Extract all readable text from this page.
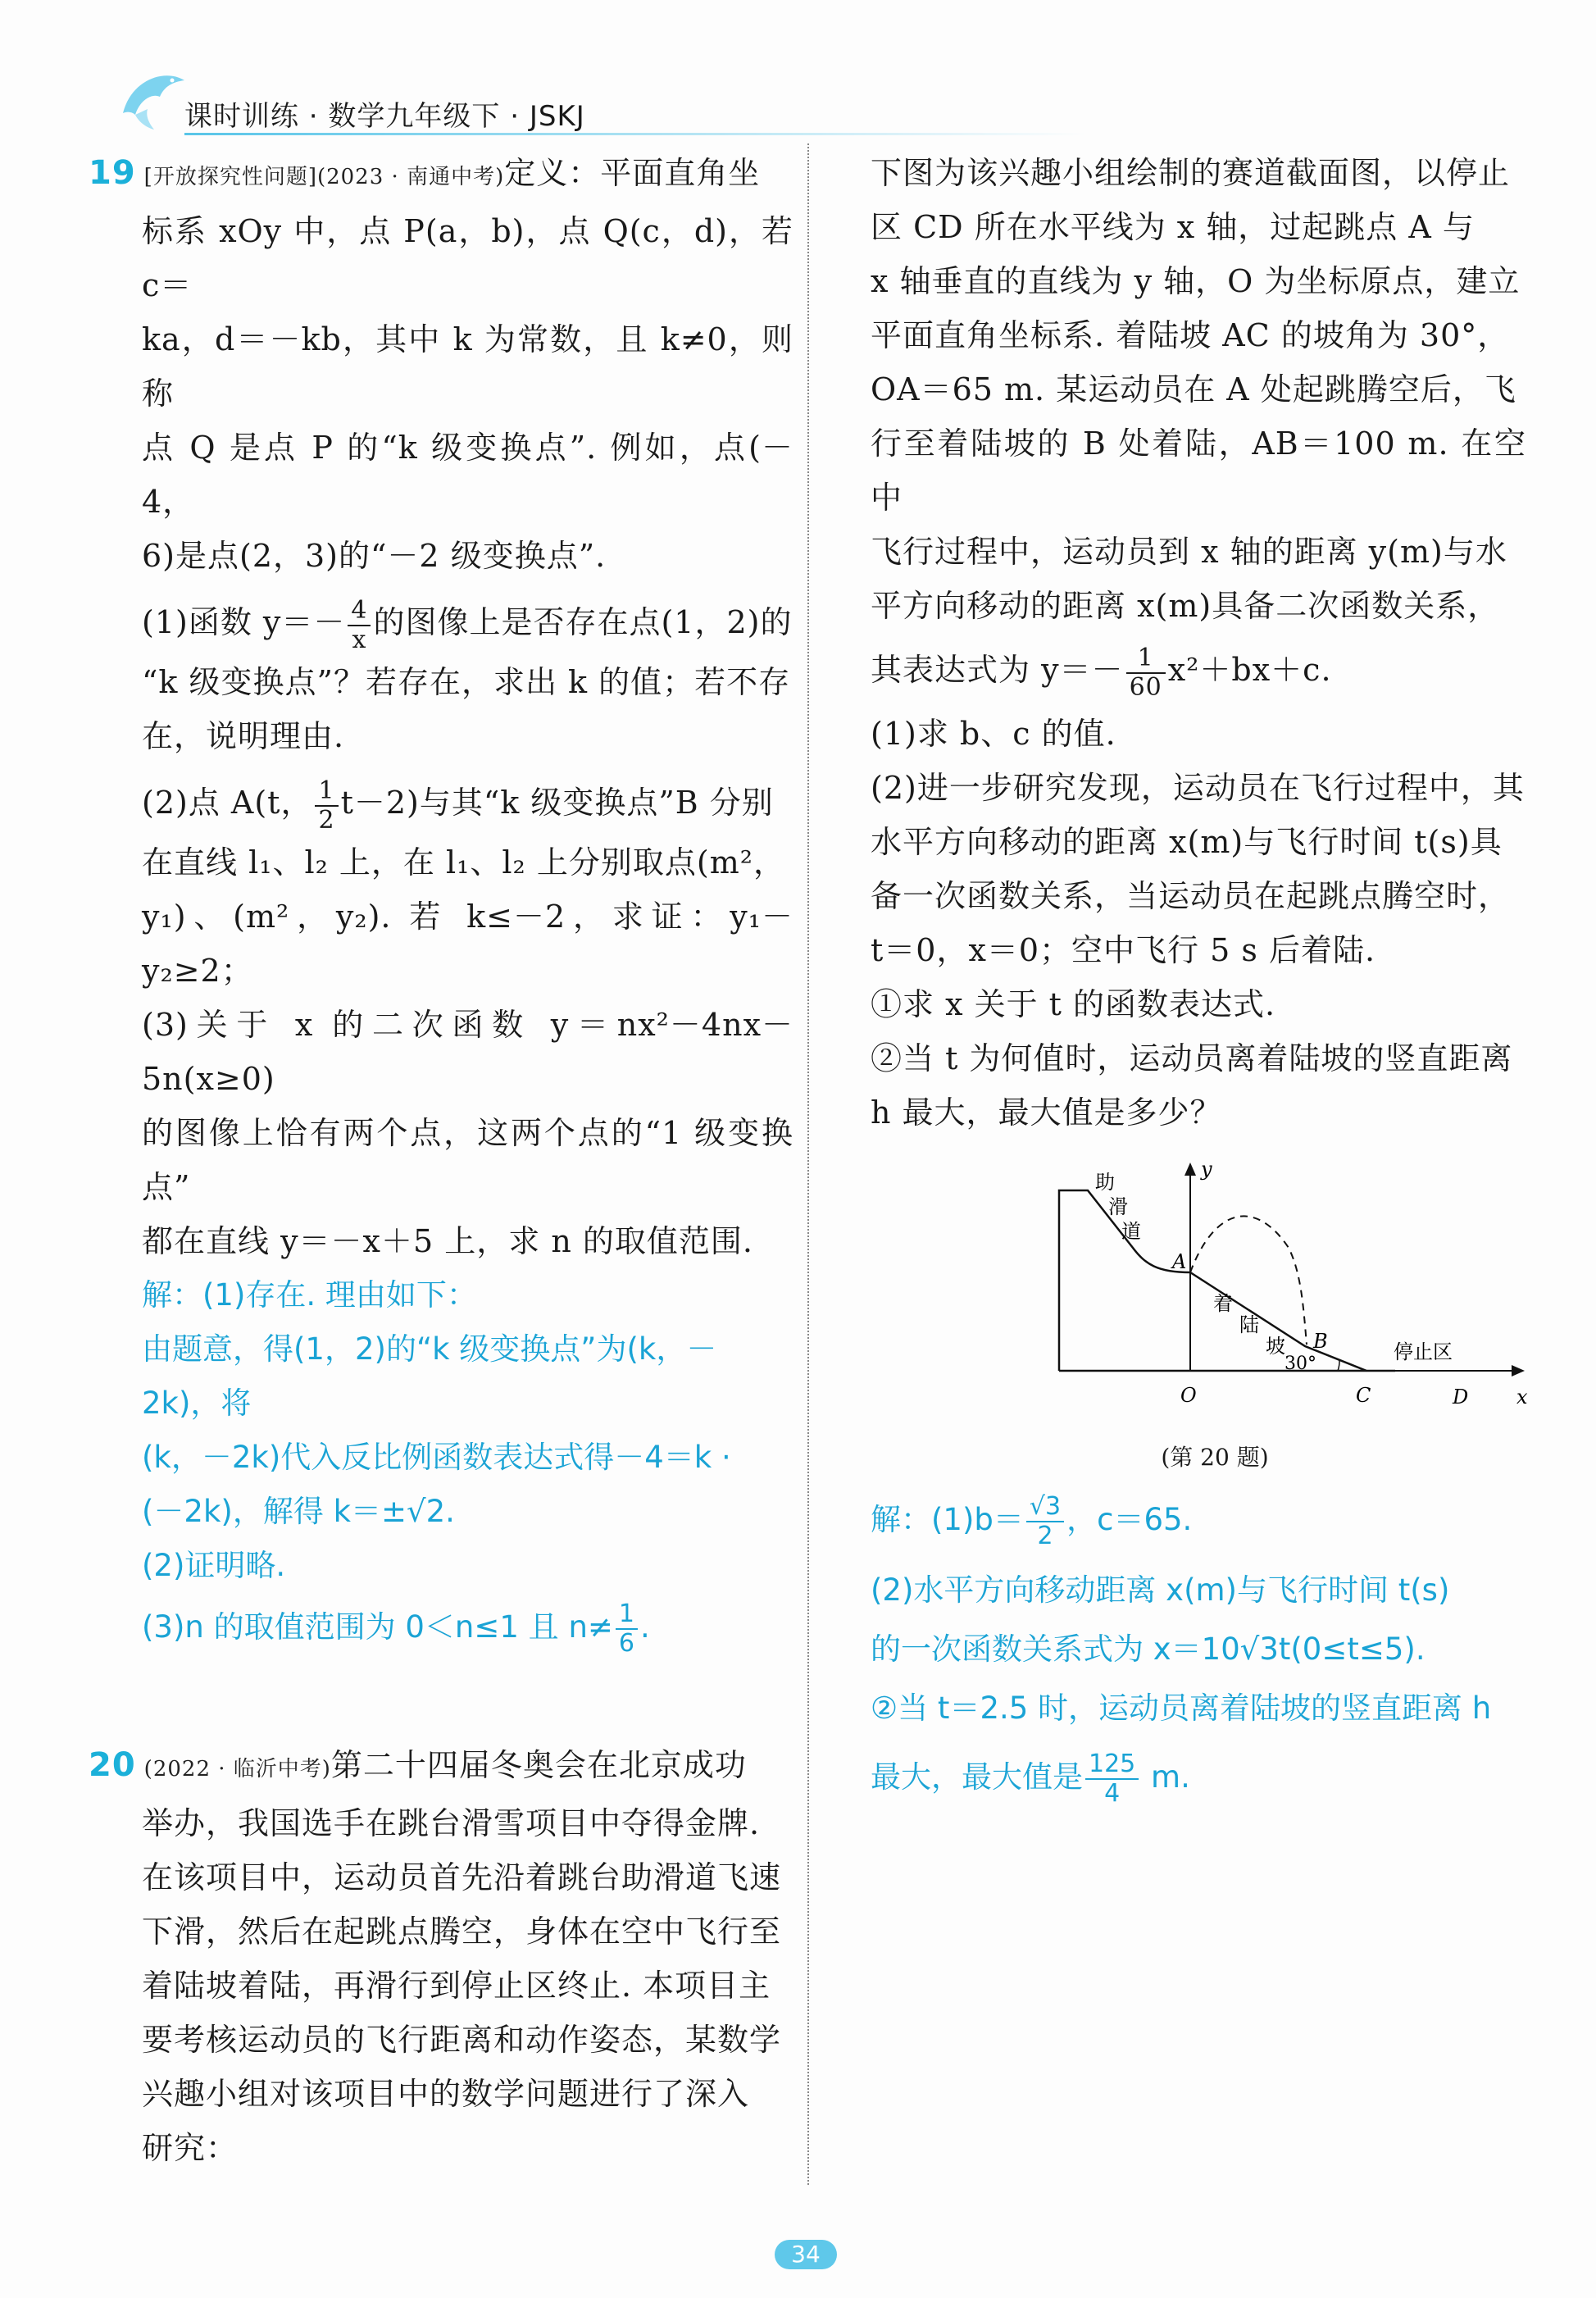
课时训练 · 数学九年级下 · JSKJ
19 [开放探究性问题](2023 · 南通中考)定义：平面直角坐
标系 xOy 中，点 P(a，b)，点 Q(c，d)，若 c＝
ka，d＝－kb，其中 k 为常数，且 k≠0，则称
点 Q 是点 P 的“k 级变换点”. 例如，点(－4，
6)是点(2，3)的“－2 级变换点”.
(1)函数 $y=- \frac{4}{x}$ 的图像上是否存在点(1，2)的
“k 级变换点”？若存在，求出 k 的值；若不存
在，说明理由.
(2)点 A(t， $\frac{1}{2} t-2$)与其“k 级变换点”B 分别
在直线 l₁、l₂ 上，在 l₁、l₂ 上分别取点(m²，
y₁)、(m²，y₂). 若 k≤－2，求证：y₁－y₂≥2；
(3)关于 x 的二次函数 y＝nx²－4nx－5n(x≥0)
的图像上恰有两个点，这两个点的“1 级变换点”
都在直线 y＝－x＋5 上，求 n 的取值范围.
解：(1)存在. 理由如下：
由题意，得(1，2)的“k 级变换点”为(k，－2k)，将
(k，－2k)代入反比例函数表达式得－4＝k ·
(－2k)，解得 k＝±√2.
(2)证明略.
(3)n 的取值范围为 0＜n≤1 且 $n\ne \frac{1}{6}$ .
20 (2022 · 临沂中考)第二十四届冬奥会在北京成功
举办，我国选手在跳台滑雪项目中夺得金牌.
在该项目中，运动员首先沿着跳台助滑道飞速
下滑，然后在起跳点腾空，身体在空中飞行至
着陆坡着陆，再滑行到停止区终止. 本项目主
要考核运动员的飞行距离和动作姿态，某数学
兴趣小组对该项目中的数学问题进行了深入
研究：
下图为该兴趣小组绘制的赛道截面图，以停止
区 CD 所在水平线为 x 轴，过起跳点 A 与
x 轴垂直的直线为 y 轴，O 为坐标原点，建立
平面直角坐标系. 着陆坡 AC 的坡角为 30°，
OA＝65 m. 某运动员在 A 处起跳腾空后，飞
行至着陆坡的 B 处着陆，AB＝100 m. 在空中
飞行过程中，运动员到 x 轴的距离 y(m)与水
平方向移动的距离 x(m)具备二次函数关系，
其表达式为 $y=- \frac{1}{60} x^2+bx+c$.
(1)求 b、c 的值.
(2)进一步研究发现，运动员在飞行过程中，其
水平方向移动的距离 x(m)与飞行时间 t(s)具
备一次函数关系，当运动员在起跳点腾空时，
t＝0，x＝0；空中飞行 5 s 后着陆.
①求 x 关于 t 的函数表达式.
②当 t 为何值时，运动员离着陆坡的竖直距离
h 最大，最大值是多少？
y
x
O
A
B
C	D
助
滑
道
着
陆
坡
30°
停止区
(第 20 题)
解：$(1)b= \frac{√3}{2}$ ，c＝65.
(2)水平方向移动距离 x(m)与飞行时间 t(s)
的一次函数关系式为 x＝10√3t(0≤t≤5).
②当 t＝2.5 时，运动员离着陆坡的竖直距离 h
最大，最大值是 $\frac{125}{4} m$.
34
